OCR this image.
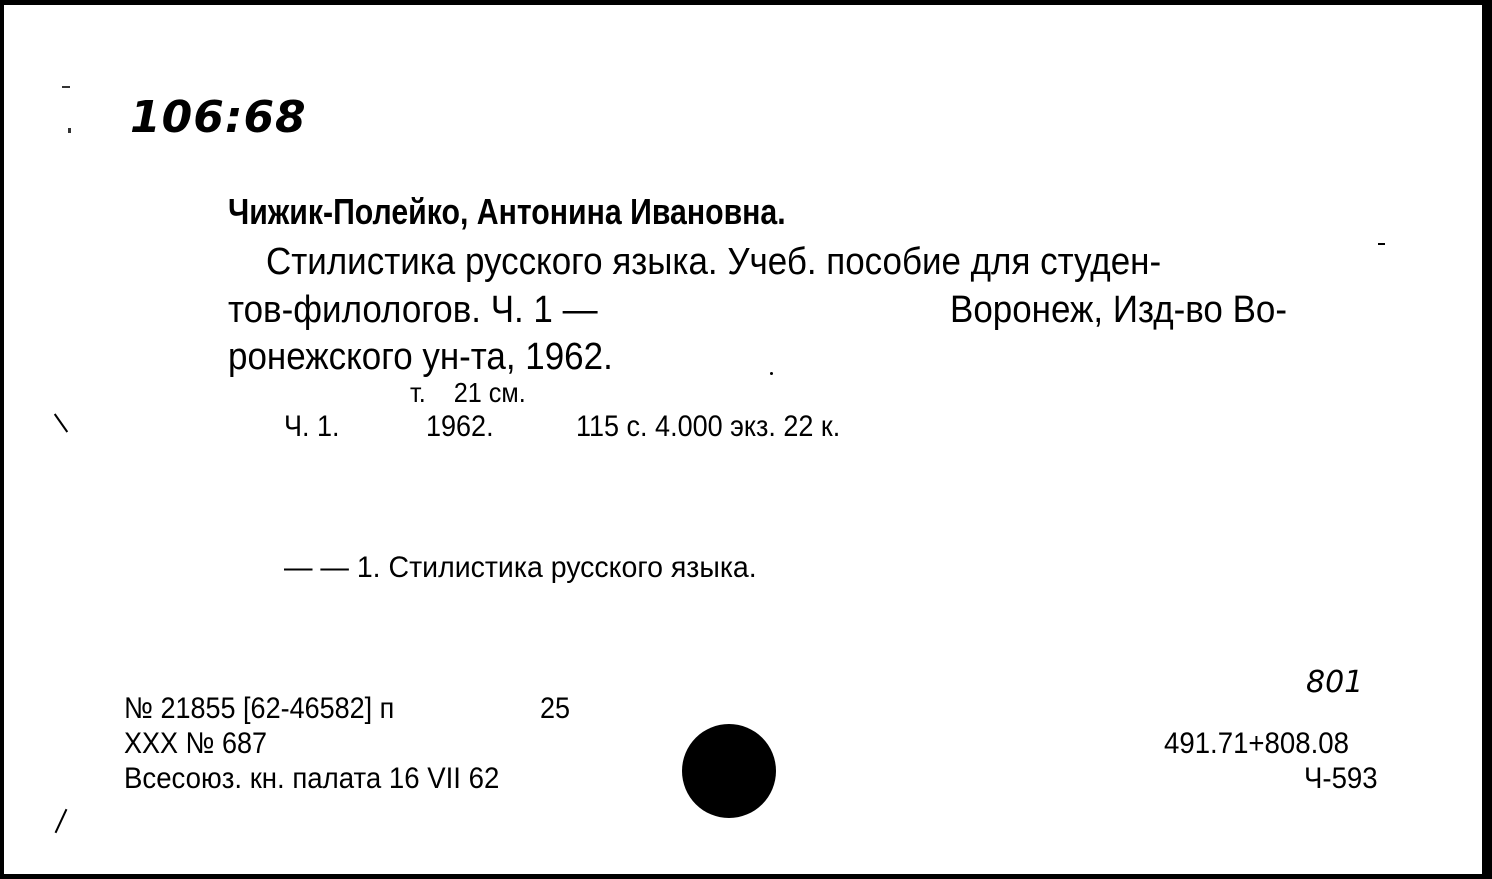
106:68
Чижик-Полейко, Антонина Ивановна.
Стилистика русского языка. Учеб. пособие для студен-
тов-филологов. Ч. 1 —	Воронеж, Изд-во Во-
ронежского ун-та, 1962.
т.    21 см.
Ч. 1.	1962.	115 с. 4.000 экз. 22 к.
— — 1. Стилистика русского языка.
№ 21855 [62-46582] п	25
XXX № 687
Всесоюз. кн. палата 16 VII 62
801
491.71+808.08
Ч-593
